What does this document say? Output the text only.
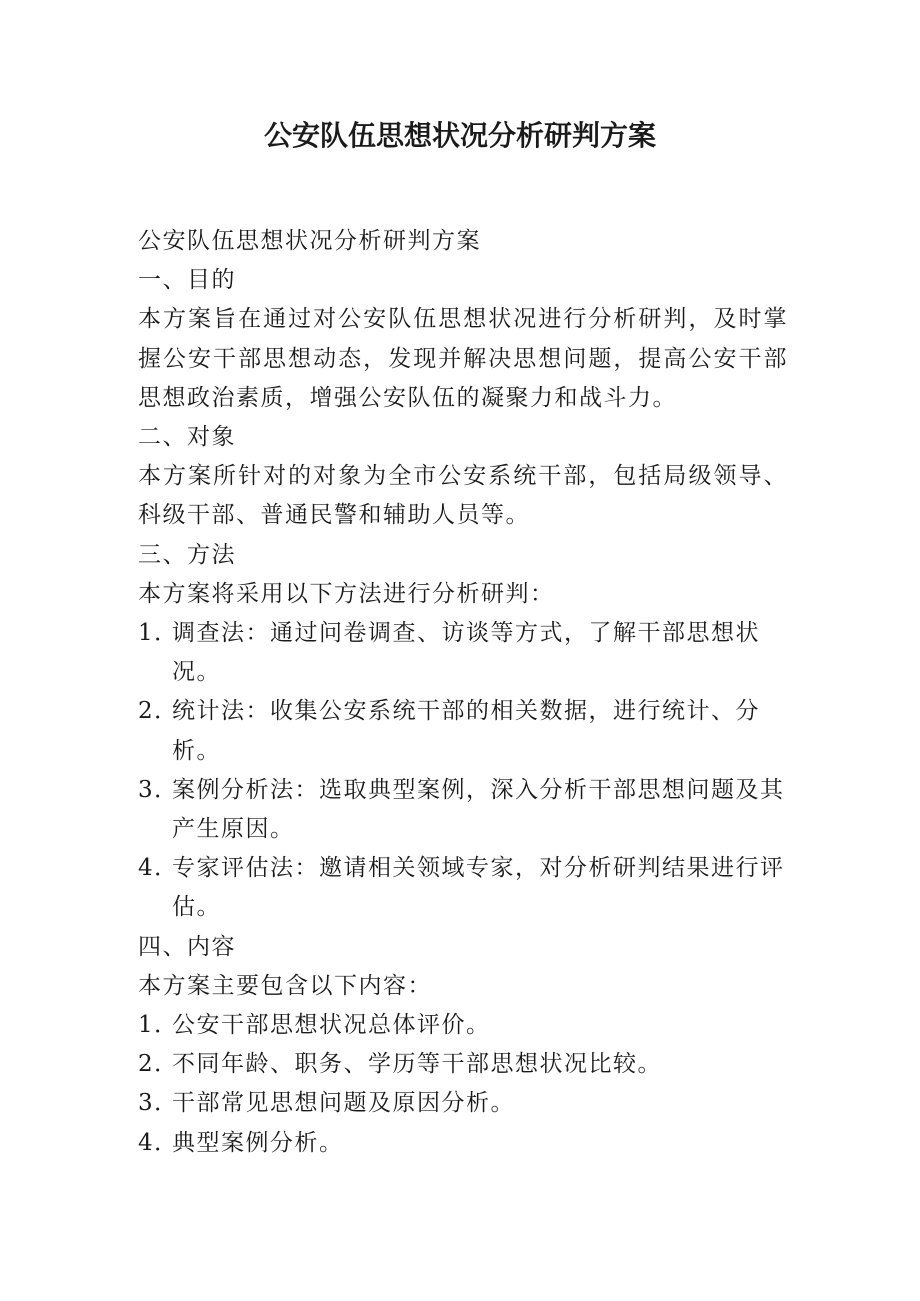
公安队伍思想状况分析研判方案

公安队伍思想状况分析研判方案

一、目的

本方案旨在通过对公安队伍思想状况进行分析研判，及时掌握公安干部思想动态，发现并解决思想问题，提高公安干部思想政治素质，增强公安队伍的凝聚力和战斗力。

二、对象

本方案所针对的对象为全市公安系统干部，包括局级领导、科级干部、普通民警和辅助人员等。

三、方法

本方案将采用以下方法进行分析研判：

1．
调查法：通过问卷调查、访谈等方式，了解干部思想状况。
2．
统计法：收集公安系统干部的相关数据，进行统计、分析。
3．
案例分析法：选取典型案例，深入分析干部思想问题及其产生原因。
4．
专家评估法：邀请相关领域专家，对分析研判结果进行评估。

四、内容

本方案主要包含以下内容：

1．
公安干部思想状况总体评价。
2．
不同年龄、职务、学历等干部思想状况比较。
3．
干部常见思想问题及原因分析。
4．
典型案例分析。
